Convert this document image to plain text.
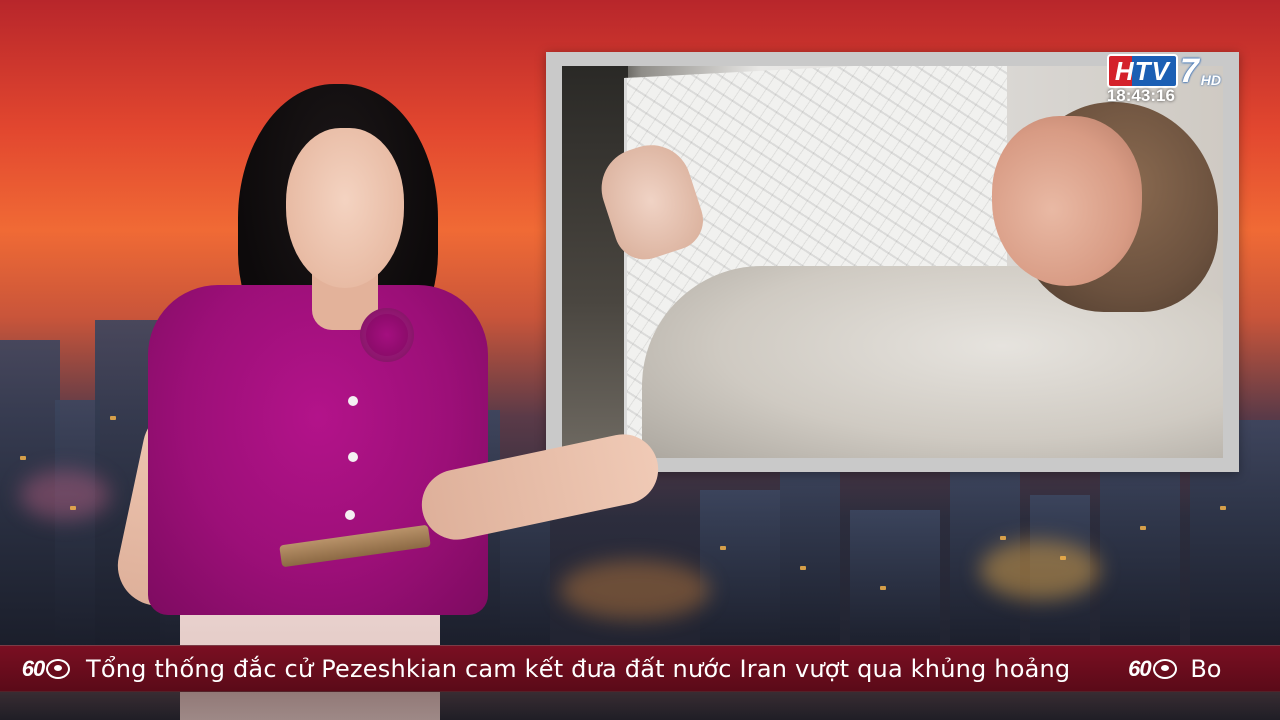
HTV 7 HD
18:43:16
60 Tổng thống đắc cử Pezeshkian cam kết đưa đất nước Iran vượt qua khủng hoảng	60 Bo
